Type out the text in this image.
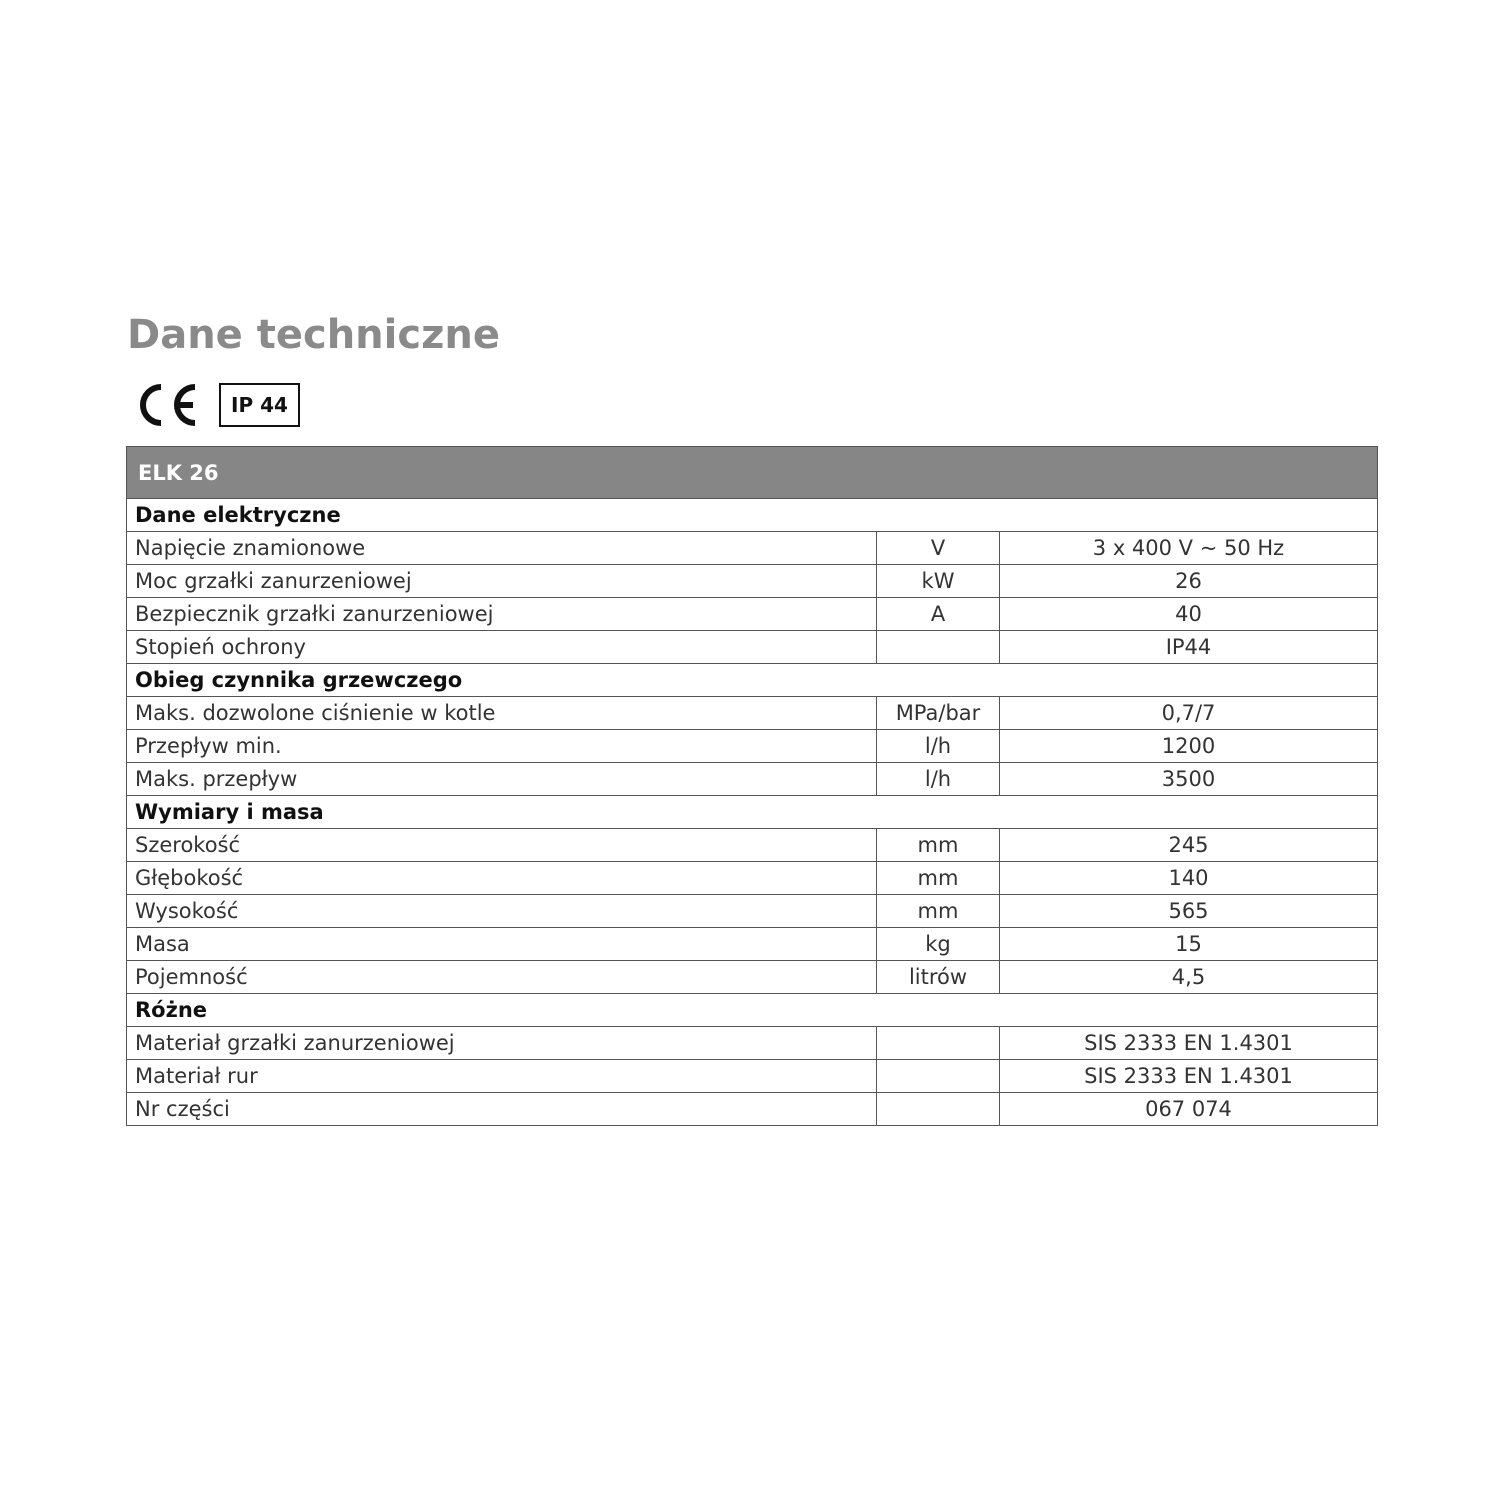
Dane techniczne
IP 44
ELK 26		
Dane elektryczne		
Napięcie znamionowe	V	3 x 400 V ~ 50 Hz
Moc grzałki zanurzeniowej	kW	26
Bezpiecznik grzałki zanurzeniowej	A	40
Stopień ochrony		IP44
Obieg czynnika grzewczego		
Maks. dozwolone ciśnienie w kotle	MPa/bar	0,7/7
Przepływ min.	l/h	1200
Maks. przepływ	l/h	3500
Wymiary i masa		
Szerokość	mm	245
Głębokość	mm	140
Wysokość	mm	565
Masa	kg	15
Pojemność	litrów	4,5
Różne		
Materiał grzałki zanurzeniowej		SIS 2333 EN 1.4301
Materiał rur		SIS 2333 EN 1.4301
Nr części		067 074
